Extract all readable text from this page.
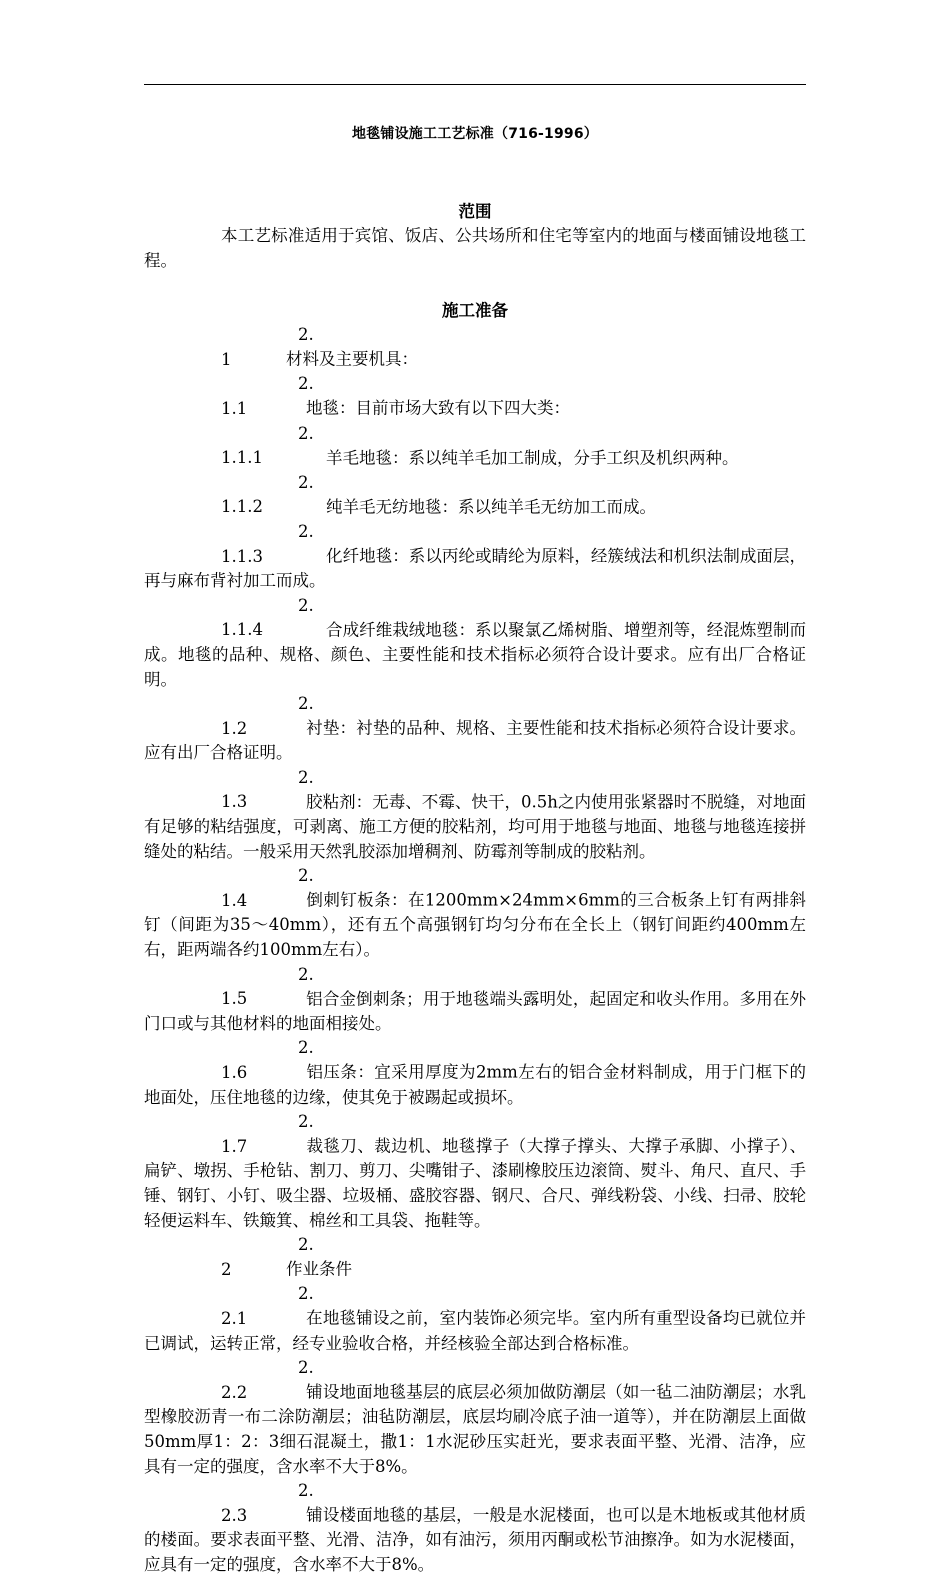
地毯铺设施工工艺标准（716-1996）
范围

本工艺标准适用于宾馆、饭店、公共场所和住宅等室内的地面与楼面铺设地毯工程。

施工准备

2.1	材料及主要机具：

2.1.1	地毯：目前市场大致有以下四大类：

2.1.1.1	羊毛地毯：系以纯羊毛加工制成，分手工织及机织两种。

2.1.1.2	纯羊毛无纺地毯：系以纯羊毛无纺加工而成。

2.1.1.3	化纤地毯：系以丙纶或睛纶为原料，经簇绒法和机织法制成面层，再与麻布背衬加工而成。

2.1.1.4	合成纤维栽绒地毯：系以聚氯乙烯树脂、增塑剂等，经混炼塑制而成。地毯的品种、规格、颜色、主要性能和技术指标必须符合设计要求。应有出厂合格证明。

2.1.2	衬垫：衬垫的品种、规格、主要性能和技术指标必须符合设计要求。应有出厂合格证明。

2.1.3	胶粘剂：无毒、不霉、快干，0.5h之内使用张紧器时不脱缝，对地面有足够的粘结强度，可剥离、施工方便的胶粘剂，均可用于地毯与地面、地毯与地毯连接拼缝处的粘结。一般采用天然乳胶添加增稠剂、防霉剂等制成的胶粘剂。

2.1.4	倒刺钉板条：在1200mm×24mm×6mm的三合板条上钉有两排斜钉（间距为35～40mm），还有五个高强钢钉均匀分布在全长上（钢钉间距约400mm左右，距两端各约100mm左右）。

2.1.5	铝合金倒刺条；用于地毯端头露明处，起固定和收头作用。多用在外门口或与其他材料的地面相接处。

2.1.6	铝压条：宜采用厚度为2mm左右的铝合金材料制成，用于门框下的地面处，压住地毯的边缘，使其免于被踢起或损坏。

2.1.7	裁毯刀、裁边机、地毯撑子（大撑子撑头、大撑子承脚、小撑子）、扁铲、墩拐、手枪钻、割刀、剪刀、尖嘴钳子、漆刷橡胶压边滚筒、熨斗、角尺、直尺、手锤、钢钉、小钉、吸尘器、垃圾桶、盛胶容器、钢尺、合尺、弹线粉袋、小线、扫帚、胶轮轻便运料车、铁簸箕、棉丝和工具袋、拖鞋等。

2.2	作业条件

2.2.1	在地毯铺设之前，室内装饰必须完毕。室内所有重型设备均已就位并已调试，运转正常，经专业验收合格，并经核验全部达到合格标准。

2.2.2	铺设地面地毯基层的底层必须加做防潮层（如一毡二油防潮层；水乳型橡胶沥青一布二涂防潮层；油毡防潮层，底层均刷冷底子油一道等），并在防潮层上面做50mm厚1：2：3细石混凝土，撒1：1水泥砂压实赶光，要求表面平整、光滑、洁净，应具有一定的强度，含水率不大于8%。

2.2.3	铺设楼面地毯的基层，一般是水泥楼面，也可以是木地板或其他材质的楼面。要求表面平整、光滑、洁净，如有油污，须用丙酮或松节油擦净。如为水泥楼面，应具有一定的强度，含水率不大于8%。
